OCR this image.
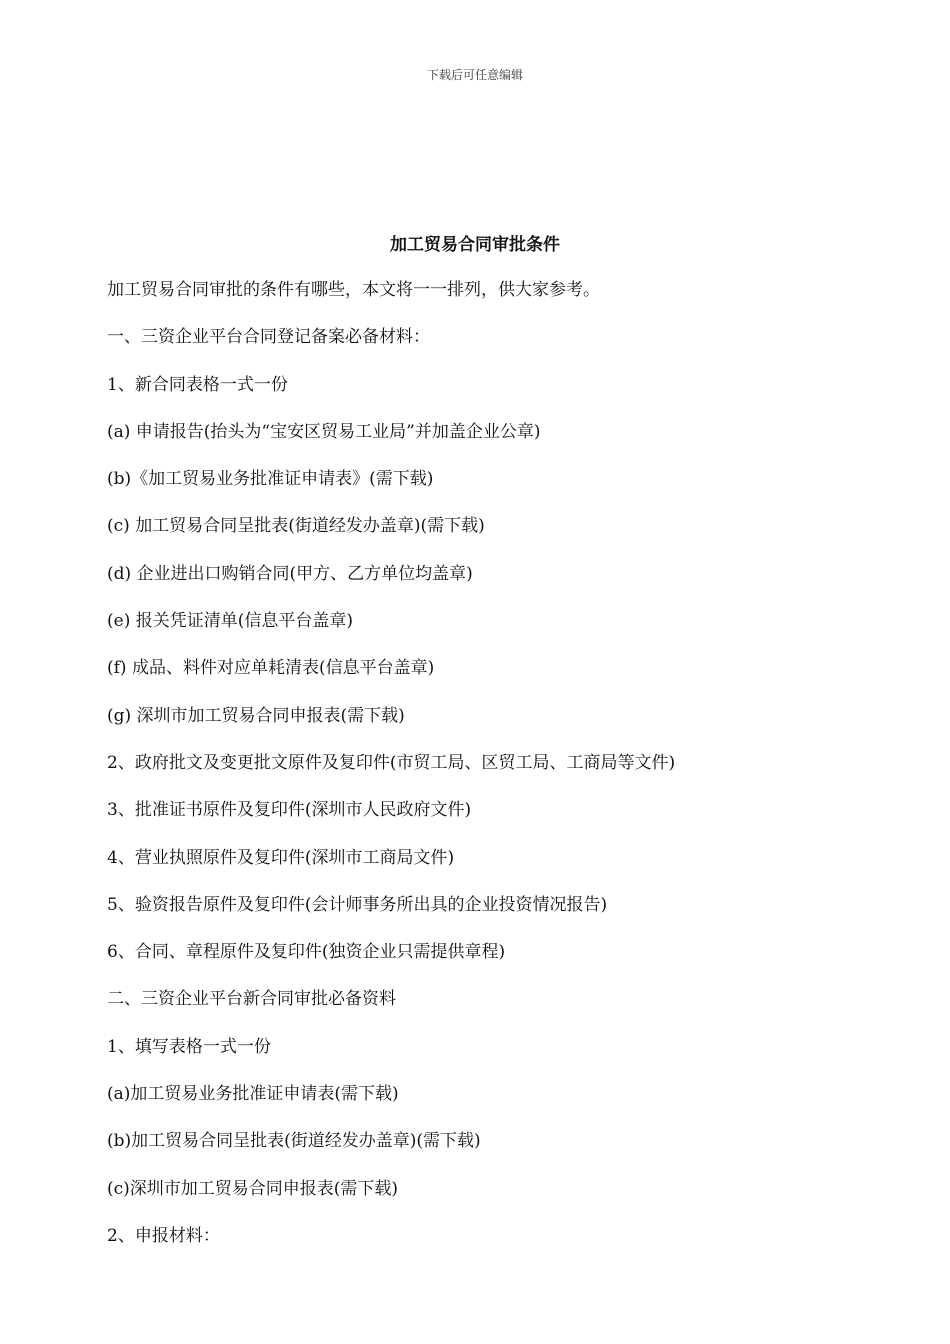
下载后可任意编辑
加工贸易合同审批条件
加工贸易合同审批的条件有哪些，本文将一一排列，供大家参考。
一、三资企业平台合同登记备案必备材料：
1、新合同表格一式一份
(a) 申请报告(抬头为“宝安区贸易工业局”并加盖企业公章)
(b)《加工贸易业务批准证申请表》(需下载)
(c) 加工贸易合同呈批表(街道经发办盖章)(需下载)
(d) 企业进出口购销合同(甲方、乙方单位均盖章)
(e) 报关凭证清单(信息平台盖章)
(f) 成品、料件对应单耗清表(信息平台盖章)
(g) 深圳市加工贸易合同申报表(需下载)
2、政府批文及变更批文原件及复印件(市贸工局、区贸工局、工商局等文件)
3、批准证书原件及复印件(深圳市人民政府文件)
4、营业执照原件及复印件(深圳市工商局文件)
5、验资报告原件及复印件(会计师事务所出具的企业投资情况报告)
6、合同、章程原件及复印件(独资企业只需提供章程)
二、三资企业平台新合同审批必备资料
1、填写表格一式一份
(a)加工贸易业务批准证申请表(需下载)
(b)加工贸易合同呈批表(街道经发办盖章)(需下载)
(c)深圳市加工贸易合同申报表(需下载)
2、申报材料：
